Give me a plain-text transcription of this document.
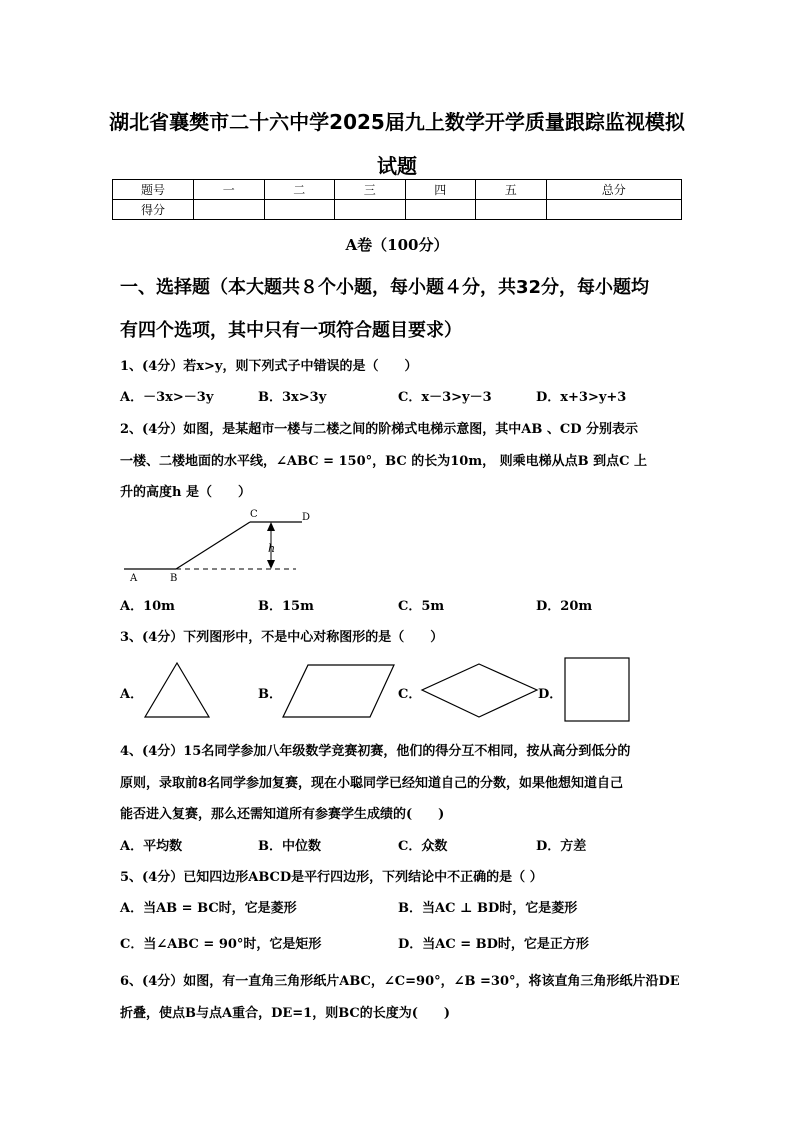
湖北省襄樊市二十六中学2025届九上数学开学质量跟踪监视模拟
试题
题号	一	二	三	四	五	总分
得分						
A卷（100分）
一、选择题（本大题共８个小题，每小题４分，共32分，每小题均
有四个选项，其中只有一项符合题目要求）
1、(4分）若x>y，则下列式子中错误的是（　　）
A．－3x>－3y	B．3x>3y	C．x－3>y－3	D．x+3>y+3
2、(4分）如图，是某超市一楼与二楼之间的阶梯式电梯示意图，其中AB 、CD 分别表示
一楼、二楼地面的水平线，∠ABC = 150°，BC 的长为10m， 则乘电梯从点B 到点C 上
升的高度h 是（　　）
A	B
C	D
h
A．10m	B．15m	C．5m	D．20m
3、(4分）下列图形中，不是中心对称图形的是（　　）
A．	B．	C．	D．
4、(4分）15名同学参加八年级数学竞赛初赛，他们的得分互不相同，按从高分到低分的
原则，录取前8名同学参加复赛，现在小聪同学已经知道自己的分数，如果他想知道自己
能否进入复赛，那么还需知道所有参赛学生成绩的(　　)
A．平均数	B．中位数	C．众数	D．方差
5、(4分）已知四边形ABCD是平行四边形，下列结论中不正确的是（ ）
A．当AB = BC时，它是菱形	B．当AC ⊥ BD时，它是菱形
C．当∠ABC = 90°时，它是矩形	D．当AC = BD时，它是正方形
6、(4分）如图，有一直角三角形纸片ABC，∠C=90°，∠B =30°，将该直角三角形纸片沿DE
折叠，使点B与点A重合，DE=1，则BC的长度为(　　)
